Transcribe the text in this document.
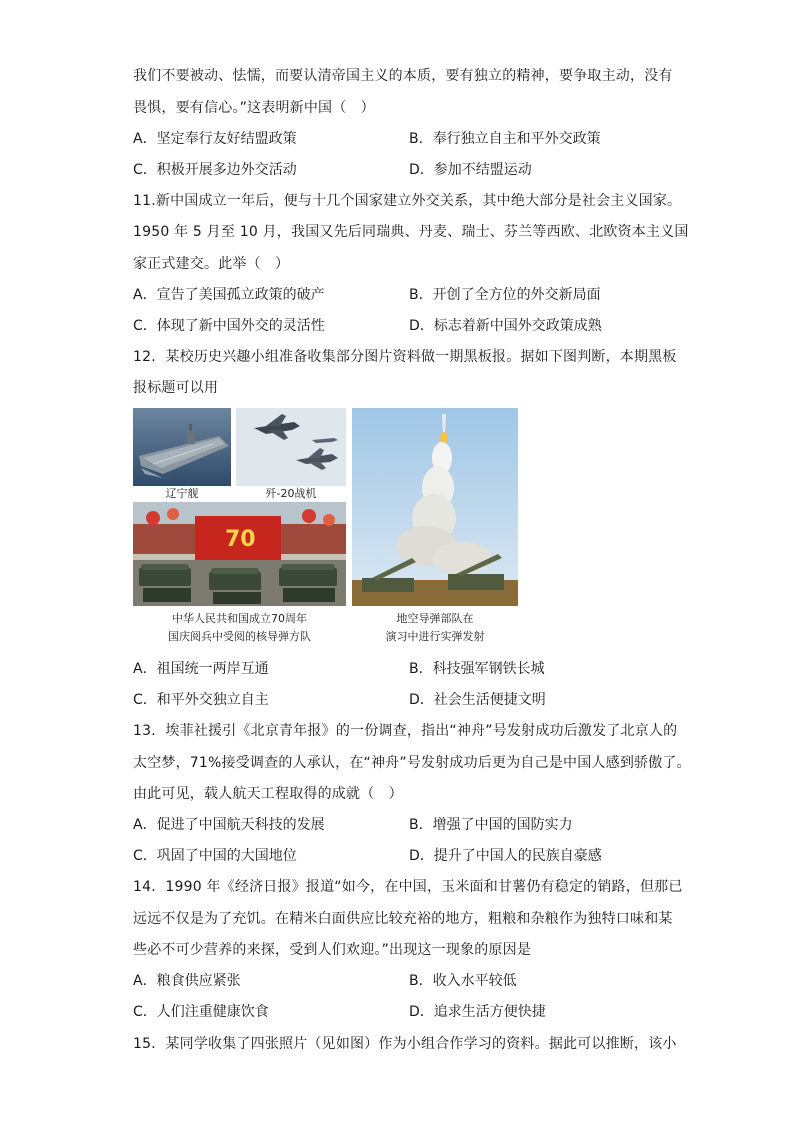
我们不要被动、怯懦，而要认清帝国主义的本质，要有独立的精神，要争取主动，没有
畏惧，要有信心。”这表明新中国（　）
A．坚定奉行友好结盟政策	B．奉行独立自主和平外交政策
C．积极开展多边外交活动	D．参加不结盟运动
11.新中国成立一年后，便与十几个国家建立外交关系，其中绝大部分是社会主义国家。
1950 年 5 月至 10 月，我国又先后同瑞典、丹麦、瑞士、芬兰等西欧、北欧资本主义国
家正式建交。此举（　）
A．宣告了美国孤立政策的破产	B．开创了全方位的外交新局面
C．体现了新中国外交的灵活性	D．标志着新中国外交政策成熟
12．某校历史兴趣小组准备收集部分图片资料做一期黑板报。据如下图判断，本期黑板
报标题可以用
辽宁舰	歼-20战机
70
中华人民共和国成立70周年
国庆阅兵中受阅的核导弹方队
地空导弹部队在
演习中进行实弹发射
A．祖国统一两岸互通	B．科技强军钢铁长城
C．和平外交独立自主	D．社会生活便捷文明
13．埃菲社援引《北京青年报》的一份调查，指出“神舟”号发射成功后激发了北京人的
太空梦，71%接受调查的人承认，在“神舟”号发射成功后更为自己是中国人感到骄傲了。
由此可见，载人航天工程取得的成就（　）
A．促进了中国航天科技的发展	B．增强了中国的国防实力
C．巩固了中国的大国地位	D．提升了中国人的民族自豪感
14．1990 年《经济日报》报道“如今，在中国，玉米面和甘薯仍有稳定的销路，但那已
远远不仅是为了充饥。在精米白面供应比较充裕的地方，粗粮和杂粮作为独特口味和某
些必不可少营养的来探，受到人们欢迎。”出现这一现象的原因是
A．粮食供应紧张	B．收入水平较低
C．人们注重健康饮食	D．追求生活方便快捷
15．某同学收集了四张照片（见如图）作为小组合作学习的资料。据此可以推断，该小
